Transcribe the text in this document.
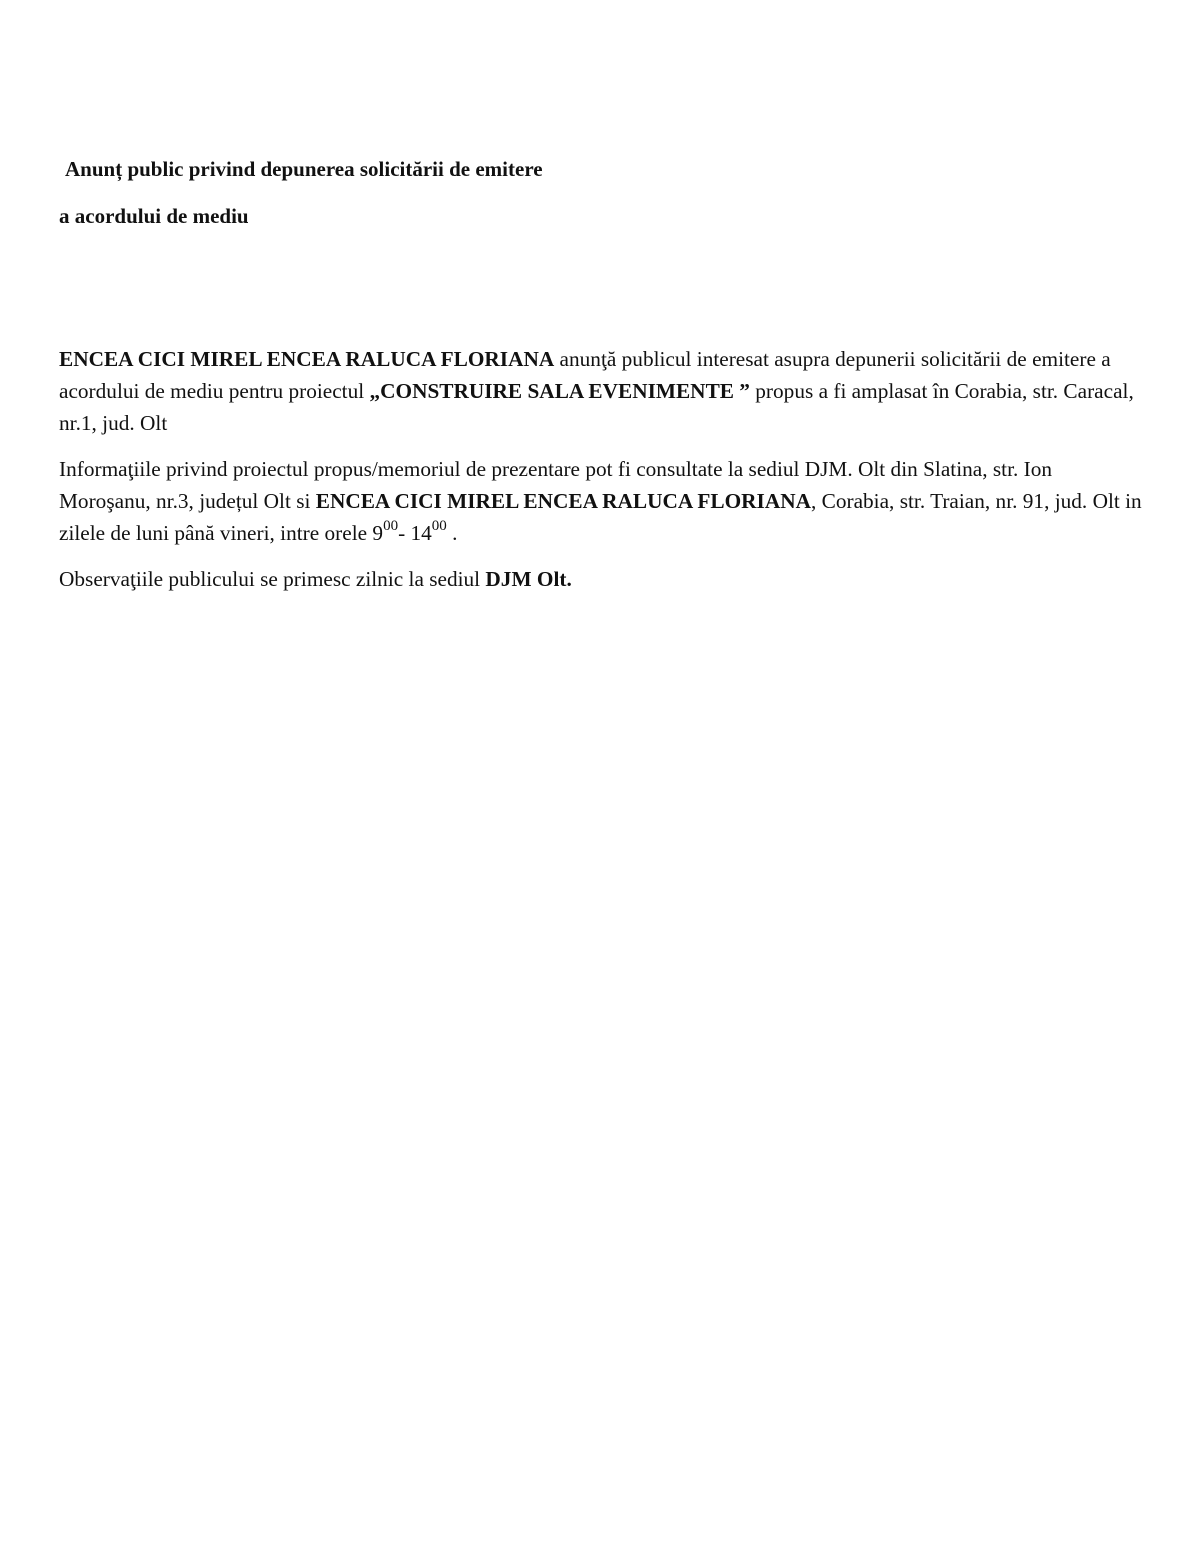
Anunț public privind depunerea solicitării de emitere
a acordului de mediu

ENCEA CICI MIREL ENCEA RALUCA FLORIANA anunţă publicul interesat asupra depunerii solicitării de emitere a acordului de mediu pentru proiectul „CONSTRUIRE SALA EVENIMENTE ” propus a fi amplasat în Corabia, str. Caracal, nr.1, jud. Olt

Informaţiile privind proiectul propus/memoriul de prezentare pot fi consultate la sediul DJM. Olt din Slatina, str. Ion Moroşanu, nr.3, județul Olt si ENCEA CICI MIREL ENCEA RALUCA FLORIANA, Corabia, str. Traian, nr. 91, jud. Olt in zilele de luni până vineri, intre orele $9^{00}-$ $14^{00}$ .

Observaţiile publicului se primesc zilnic la sediul DJM Olt.
